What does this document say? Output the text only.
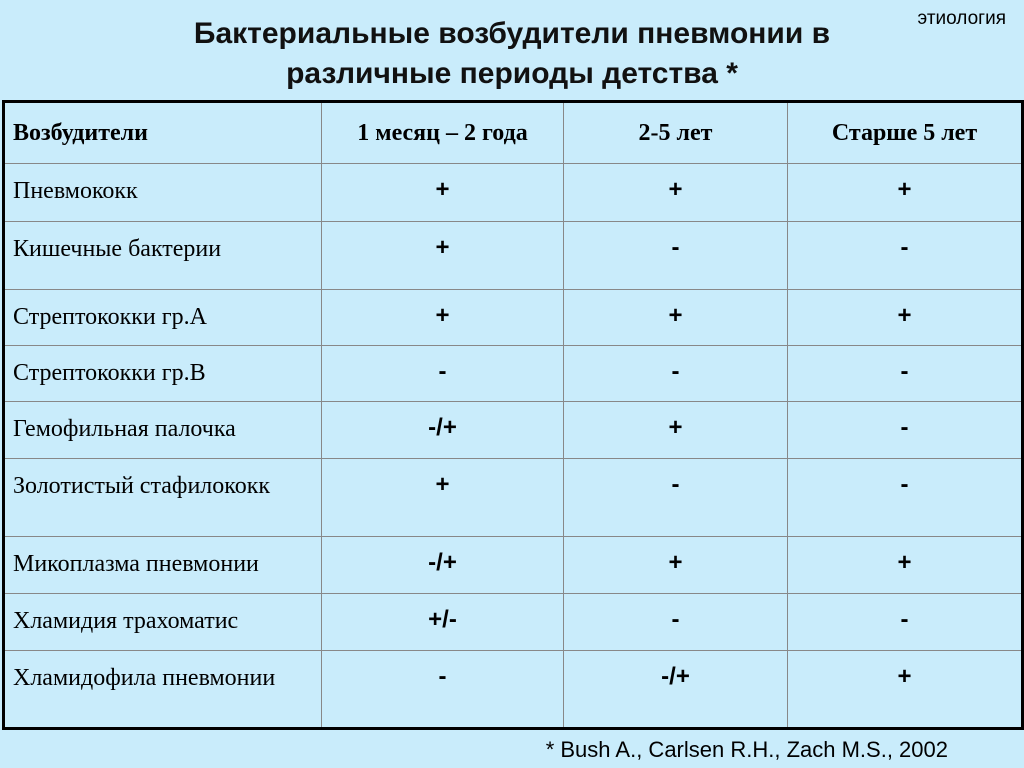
этиология
Бактериальные возбудители пневмонии в
различные периоды детства *
Возбудители	1 месяц – 2 года	2-5 лет	Старше 5 лет
Пневмококк	+	+	+
Кишечные бактерии	+	-	-
Стрептококки гр.А	+	+	+
Стрептококки гр.В	-	-	-
Гемофильная палочка	-/+	+	-
Золотистый стафилококк	+	-	-
Микоплазма пневмонии	-/+	+	+
Хламидия трахоматис	+/-	-	-
Хламидофила пневмонии	-	-/+	+
* Bush A., Carlsen R.H., Zach M.S., 2002
